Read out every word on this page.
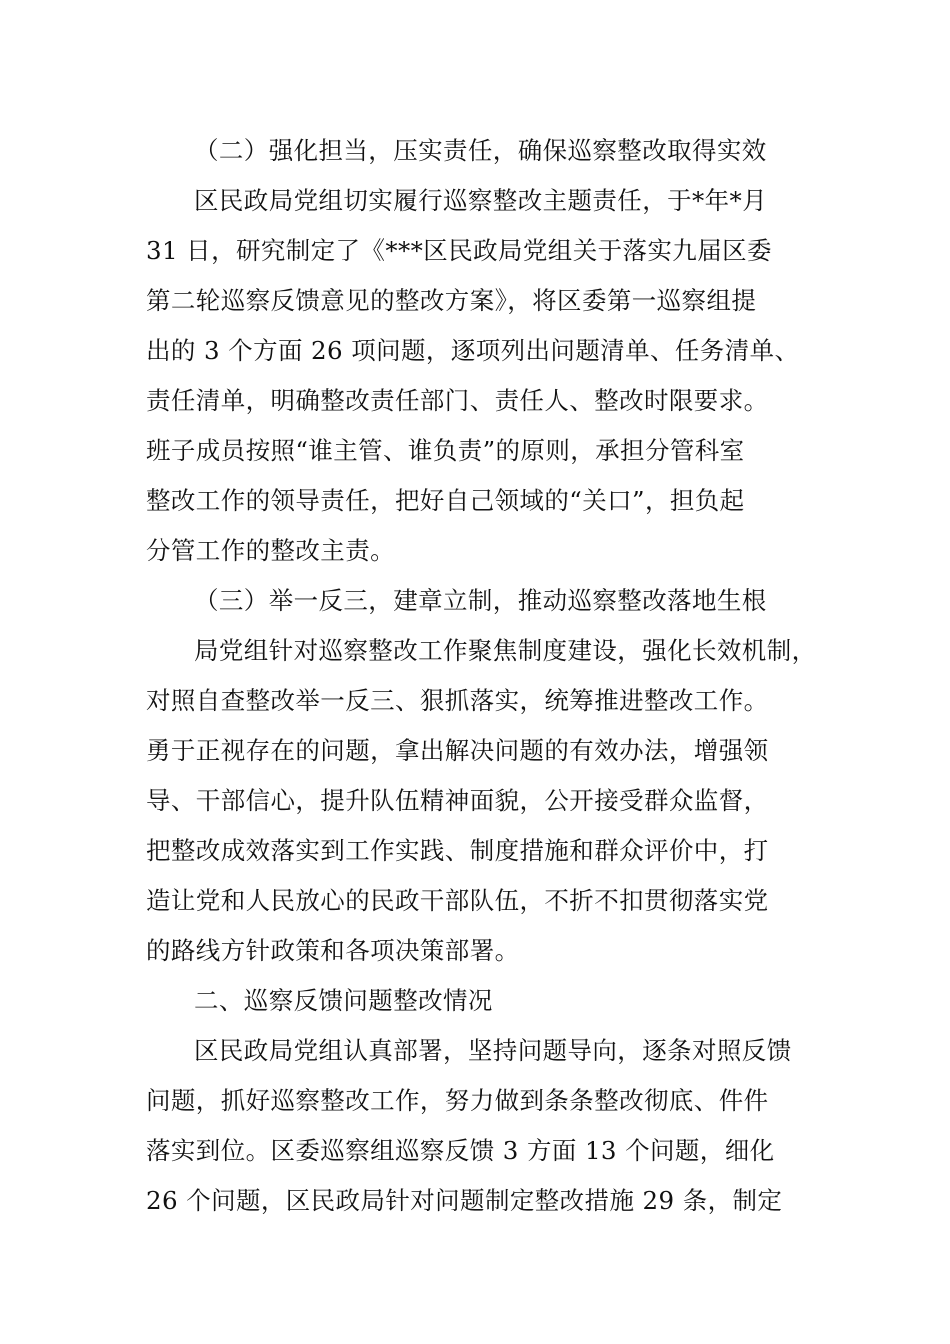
（二）强化担当，压实责任，确保巡察整改取得实效
区民政局党组切实履行巡察整改主题责任，于*年*月
31 日，研究制定了《***区民政局党组关于落实九届区委
第二轮巡察反馈意见的整改方案》，将区委第一巡察组提
出的 3 个方面 26 项问题，逐项列出问题清单、任务清单、
责任清单，明确整改责任部门、责任人、整改时限要求。
班子成员按照“谁主管、谁负责”的原则，承担分管科室
整改工作的领导责任，把好自己领域的“关口”，担负起
分管工作的整改主责。
（三）举一反三，建章立制，推动巡察整改落地生根
局党组针对巡察整改工作聚焦制度建设，强化长效机制，
对照自查整改举一反三、狠抓落实，统筹推进整改工作。
勇于正视存在的问题，拿出解决问题的有效办法，增强领
导、干部信心，提升队伍精神面貌，公开接受群众监督，
把整改成效落实到工作实践、制度措施和群众评价中，打
造让党和人民放心的民政干部队伍，不折不扣贯彻落实党
的路线方针政策和各项决策部署。
二、巡察反馈问题整改情况
区民政局党组认真部署，坚持问题导向，逐条对照反馈
问题，抓好巡察整改工作，努力做到条条整改彻底、件件
落实到位。区委巡察组巡察反馈 3 方面 13 个问题，细化
26 个问题，区民政局针对问题制定整改措施 29 条，制定
